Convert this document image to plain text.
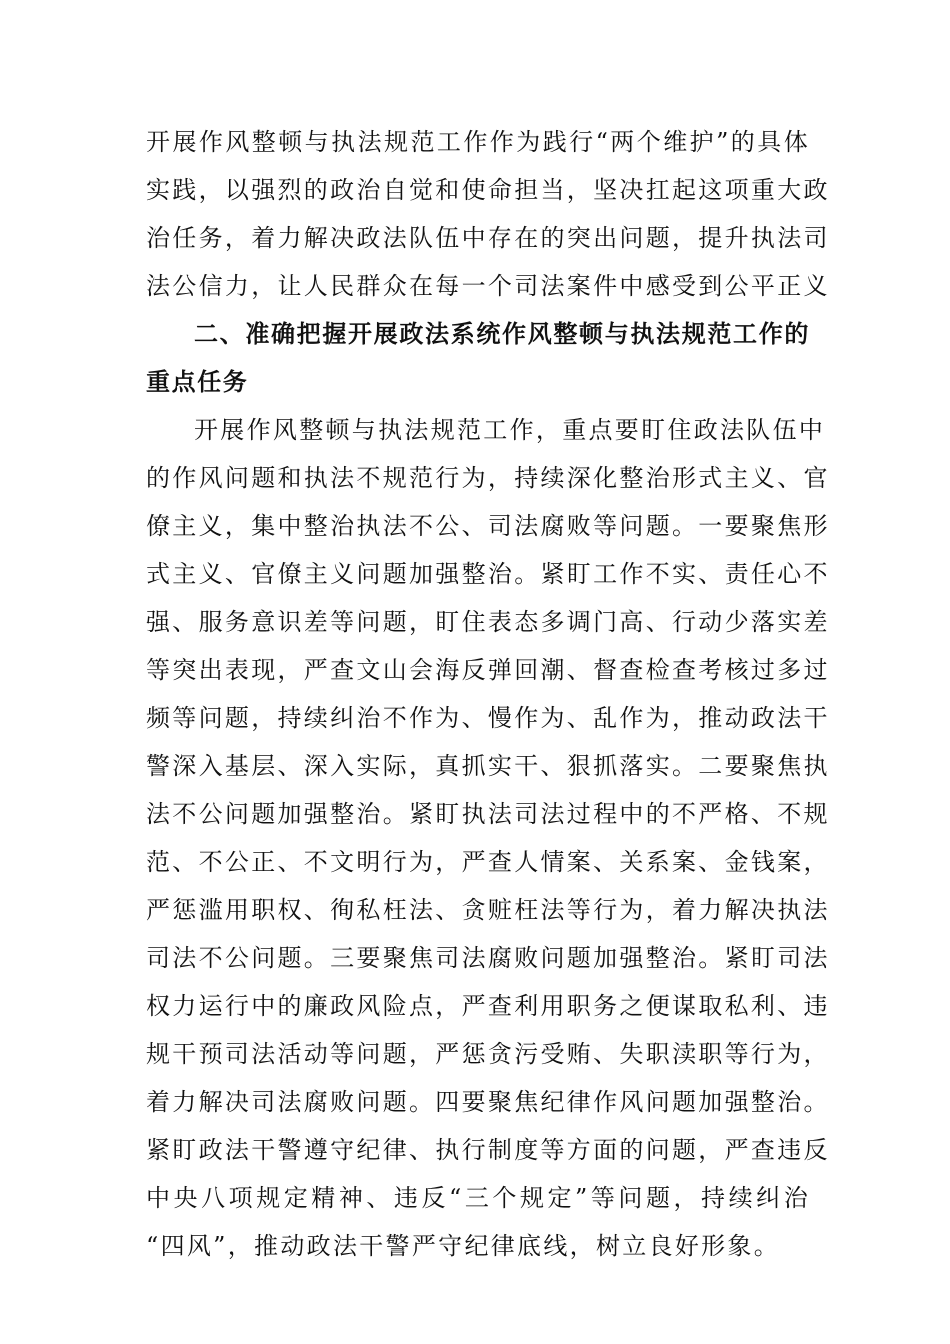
开展作风整顿与执法规范工作作为践行“两个维护”的具体
实践，以强烈的政治自觉和使命担当，坚决扛起这项重大政
治任务，着力解决政法队伍中存在的突出问题，提升执法司
法公信力，让人民群众在每一个司法案件中感受到公平正义
二、准确把握开展政法系统作风整顿与执法规范工作的
重点任务
开展作风整顿与执法规范工作，重点要盯住政法队伍中
的作风问题和执法不规范行为，持续深化整治形式主义、官
僚主义，集中整治执法不公、司法腐败等问题。一要聚焦形
式主义、官僚主义问题加强整治。紧盯工作不实、责任心不
强、服务意识差等问题，盯住表态多调门高、行动少落实差
等突出表现，严查文山会海反弹回潮、督查检查考核过多过
频等问题，持续纠治不作为、慢作为、乱作为，推动政法干
警深入基层、深入实际，真抓实干、狠抓落实。二要聚焦执
法不公问题加强整治。紧盯执法司法过程中的不严格、不规
范、不公正、不文明行为，严查人情案、关系案、金钱案，
严惩滥用职权、徇私枉法、贪赃枉法等行为，着力解决执法
司法不公问题。三要聚焦司法腐败问题加强整治。紧盯司法
权力运行中的廉政风险点，严查利用职务之便谋取私利、违
规干预司法活动等问题，严惩贪污受贿、失职渎职等行为，
着力解决司法腐败问题。四要聚焦纪律作风问题加强整治。
紧盯政法干警遵守纪律、执行制度等方面的问题，严查违反
中央八项规定精神、违反“三个规定”等问题，持续纠治
“四风”，推动政法干警严守纪律底线，树立良好形象。
